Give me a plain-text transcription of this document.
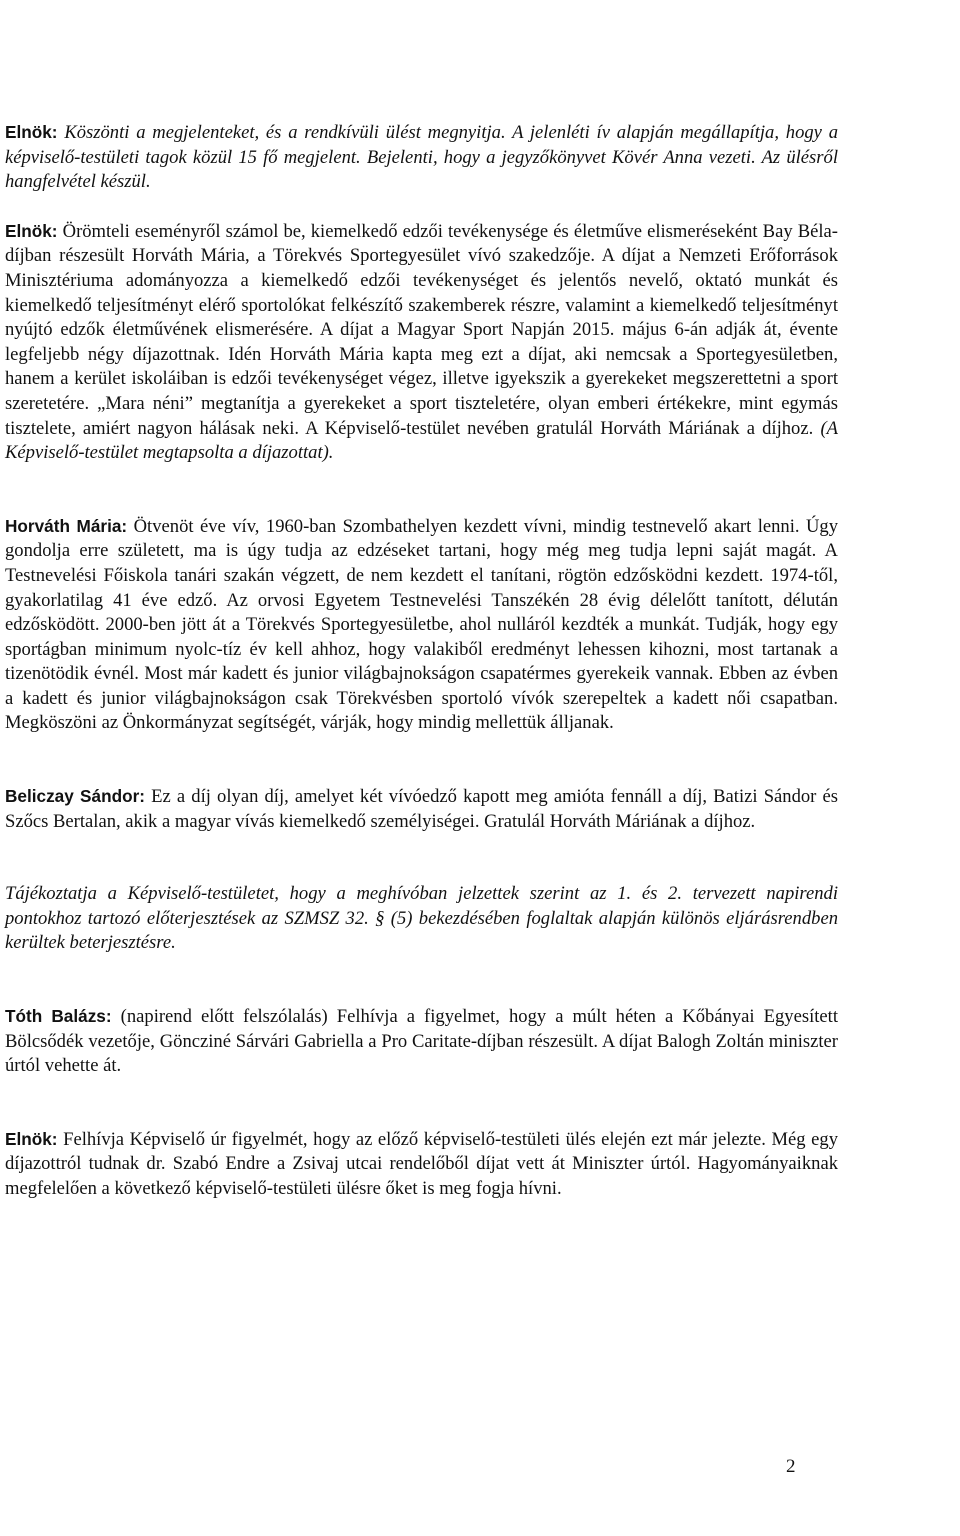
Elnök: Köszönti a megjelenteket, és a rendkívüli ülést megnyitja. A jelenléti ív alapján megállapítja, hogy a képviselő-testületi tagok közül 15 fő megjelent. Bejelenti, hogy a jegyzőkönyvet Kövér Anna vezeti. Az ülésről hangfelvétel készül.

Elnök: Örömteli eseményről számol be, kiemelkedő edzői tevékenysége és életműve elismeréseként Bay Béla-díjban részesült Horváth Mária, a Törekvés Sportegyesület vívó szakedzője. A díjat a Nemzeti Erőforrások Minisztériuma adományozza a kiemelkedő edzői tevékenységet és jelentős nevelő, oktató munkát és kiemelkedő teljesítményt elérő sportolókat felkészítő szakemberek részre, valamint a kiemelkedő teljesítményt nyújtó edzők életművének elismerésére. A díjat a Magyar Sport Napján 2015. május 6-án adják át, évente legfeljebb négy díjazottnak. Idén Horváth Mária kapta meg ezt a díjat, aki nemcsak a Sportegyesületben, hanem a kerület iskoláiban is edzői tevékenységet végez, illetve igyekszik a gyerekeket megszerettetni a sport szeretetére. „Mara néni” megtanítja a gyerekeket a sport tiszteletére, olyan emberi értékekre, mint egymás tisztelete, amiért nagyon hálásak neki. A Képviselő-testület nevében gratulál Horváth Máriának a díjhoz. (A Képviselő-testület megtapsolta a díjazottat).

Horváth Mária: Ötvenöt éve vív, 1960-ban Szombathelyen kezdett vívni, mindig testnevelő akart lenni. Úgy gondolja erre született, ma is úgy tudja az edzéseket tartani, hogy még meg tudja lepni saját magát. A Testnevelési Főiskola tanári szakán végzett, de nem kezdett el tanítani, rögtön edzősködni kezdett. 1974-től, gyakorlatilag 41 éve edző. Az orvosi Egyetem Testnevelési Tanszékén 28 évig délelőtt tanított, délután edzősködött. 2000-ben jött át a Törekvés Sportegyesületbe, ahol nulláról kezdték a munkát. Tudják, hogy egy sportágban minimum nyolc-tíz év kell ahhoz, hogy valakiből eredményt lehessen kihozni, most tartanak a tizenötödik évnél. Most már kadett és junior világbajnokságon csapatérmes gyerekeik vannak. Ebben az évben a kadett és junior világbajnokságon csak Törekvésben sportoló vívók szerepeltek a kadett női csapatban. Megköszöni az Önkormányzat segítségét, várják, hogy mindig mellettük álljanak.

Beliczay Sándor: Ez a díj olyan díj, amelyet két vívóedző kapott meg amióta fennáll a díj, Batizi Sándor és Szőcs Bertalan, akik a magyar vívás kiemelkedő személyiségei. Gratulál Horváth Máriának a díjhoz.

Tájékoztatja a Képviselő-testületet, hogy a meghívóban jelzettek szerint az 1. és 2. tervezett napirendi pontokhoz tartozó előterjesztések az SZMSZ 32. § (5) bekezdésében foglaltak alapján különös eljárásrendben kerültek beterjesztésre.

Tóth Balázs: (napirend előtt felszólalás) Felhívja a figyelmet, hogy a múlt héten a Kőbányai Egyesített Bölcsődék vezetője, Göncziné Sárvári Gabriella a Pro Caritate-díjban részesült. A díjat Balogh Zoltán miniszter úrtól vehette át.

Elnök: Felhívja Képviselő úr figyelmét, hogy az előző képviselő-testületi ülés elején ezt már jelezte. Még egy díjazottról tudnak dr. Szabó Endre a Zsivaj utcai rendelőből díjat vett át Miniszter úrtól. Hagyományaiknak megfelelően a következő képviselő-testületi ülésre őket is meg fogja hívni.

2
